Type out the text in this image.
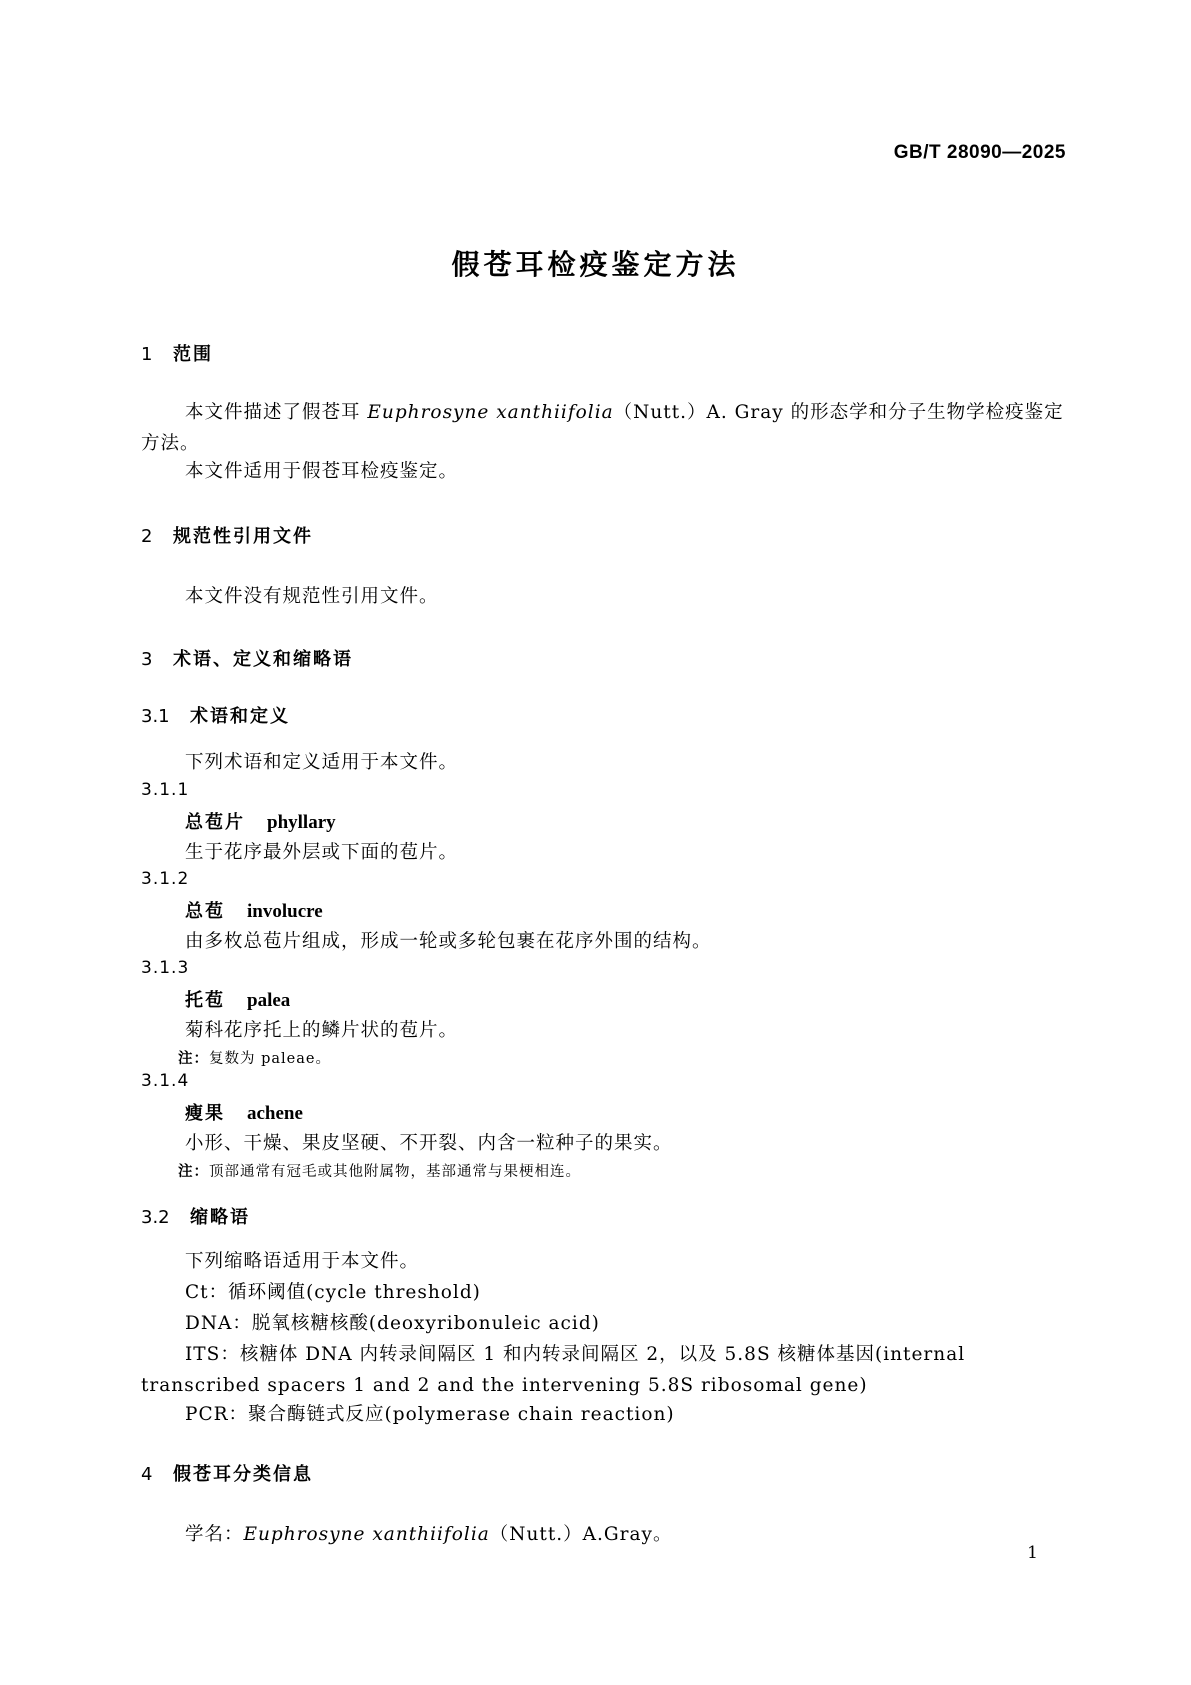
GB/T 28090—2025
假苍耳检疫鉴定方法
1 范围
本文件描述了假苍耳 Euphrosyne xanthiifolia（Nutt.）A. Gray 的形态学和分子生物学检疫鉴定方法。
本文件适用于假苍耳检疫鉴定。
2 规范性引用文件
本文件没有规范性引用文件。
3 术语、定义和缩略语
3.1 术语和定义
下列术语和定义适用于本文件。
3.1.1
总苞片 phyllary
生于花序最外层或下面的苞片。
3.1.2
总苞 involucre
由多枚总苞片组成，形成一轮或多轮包裹在花序外围的结构。
3.1.3
托苞 palea
菊科花序托上的鳞片状的苞片。
注：复数为 paleae。
3.1.4
瘦果 achene
小形、干燥、果皮坚硬、不开裂、内含一粒种子的果实。
注：顶部通常有冠毛或其他附属物，基部通常与果梗相连。
3.2 缩略语
下列缩略语适用于本文件。
Ct：循环阈值(cycle threshold)
DNA：脱氧核糖核酸(deoxyribonuleic acid)
ITS：核糖体 DNA 内转录间隔区 1 和内转录间隔区 2，以及 5.8S 核糖体基因(internal transcribed spacers 1 and 2 and the intervening 5.8S ribosomal gene)
PCR：聚合酶链式反应(polymerase chain reaction)
4 假苍耳分类信息
学名：Euphrosyne xanthiifolia（Nutt.）A.Gray。
1
